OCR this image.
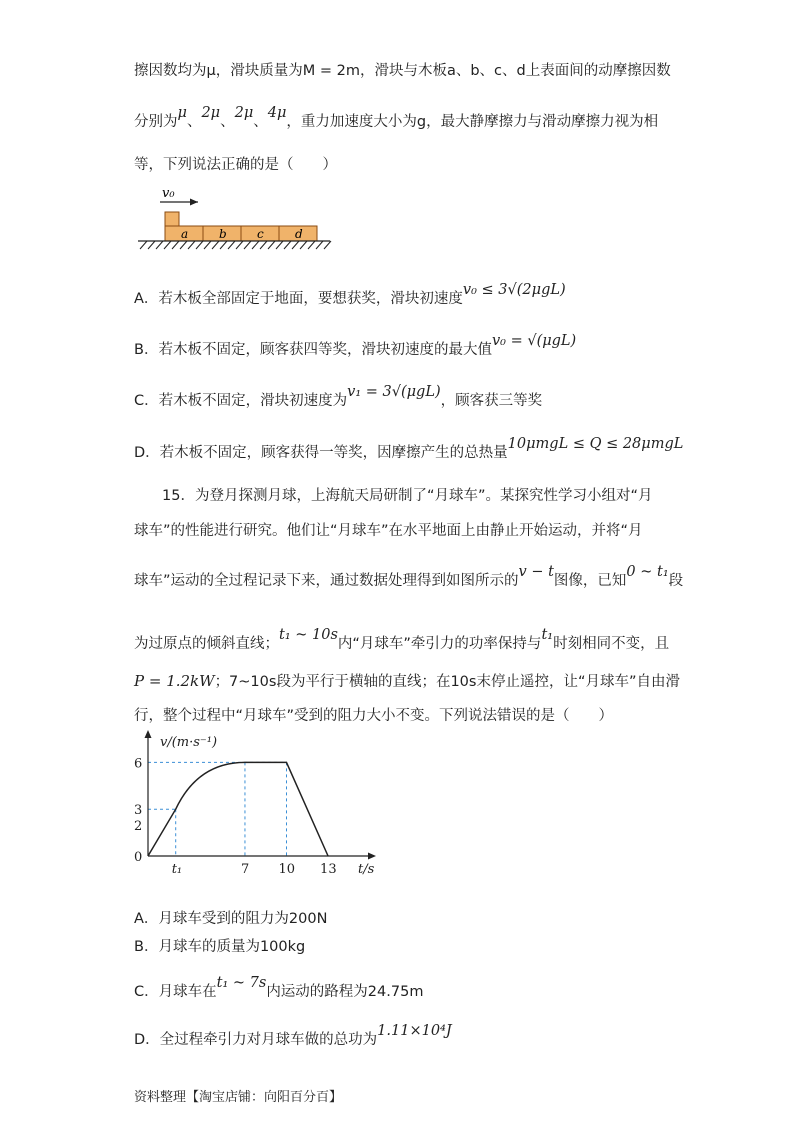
擦因数均为μ，滑块质量为M = 2m，滑块与木板a、b、c、d上表面间的动摩擦因数
分别为μ、2μ、2μ、4μ，重力加速度大小为g，最大静摩擦力与滑动摩擦力视为相
等，下列说法正确的是（　　）
v₀
a	b	c	d
A．若木板全部固定于地面，要想获奖，滑块初速度v₀ ≤ 3√(2μgL)
B．若木板不固定，顾客获四等奖，滑块初速度的最大值v₀ = √(μgL)
C．若木板不固定，滑块初速度为v₁ = 3√(μgL)，顾客获三等奖
D．若木板不固定，顾客获得一等奖，因摩擦产生的总热量10μmgL ≤ Q ≤ 28μmgL
15．为登月探测月球，上海航天局研制了“月球车”。某探究性学习小组对“月
球车”的性能进行研究。他们让“月球车”在水平地面上由静止开始运动，并将“月
球车”运动的全过程记录下来，通过数据处理得到如图所示的v − t图像，已知0 ~ t₁段
为过原点的倾斜直线；t₁ ~ 10s内“月球车”牵引力的功率保持与t₁时刻相同不变，且
P = 1.2kW；7~10s段为平行于横轴的直线；在10s末停止遥控，让“月球车”自由滑
行，整个过程中“月球车”受到的阻力大小不变。下列说法错误的是（　　）
v/(m·s⁻¹)
t/s
0
t₁	7 10 13
3
2
6
A．月球车受到的阻力为200N
B．月球车的质量为100kg
C．月球车在t₁ ~ 7s内运动的路程为24.75m
D．全过程牵引力对月球车做的总功为1.11×10⁴J
资料整理【淘宝店铺：向阳百分百】
